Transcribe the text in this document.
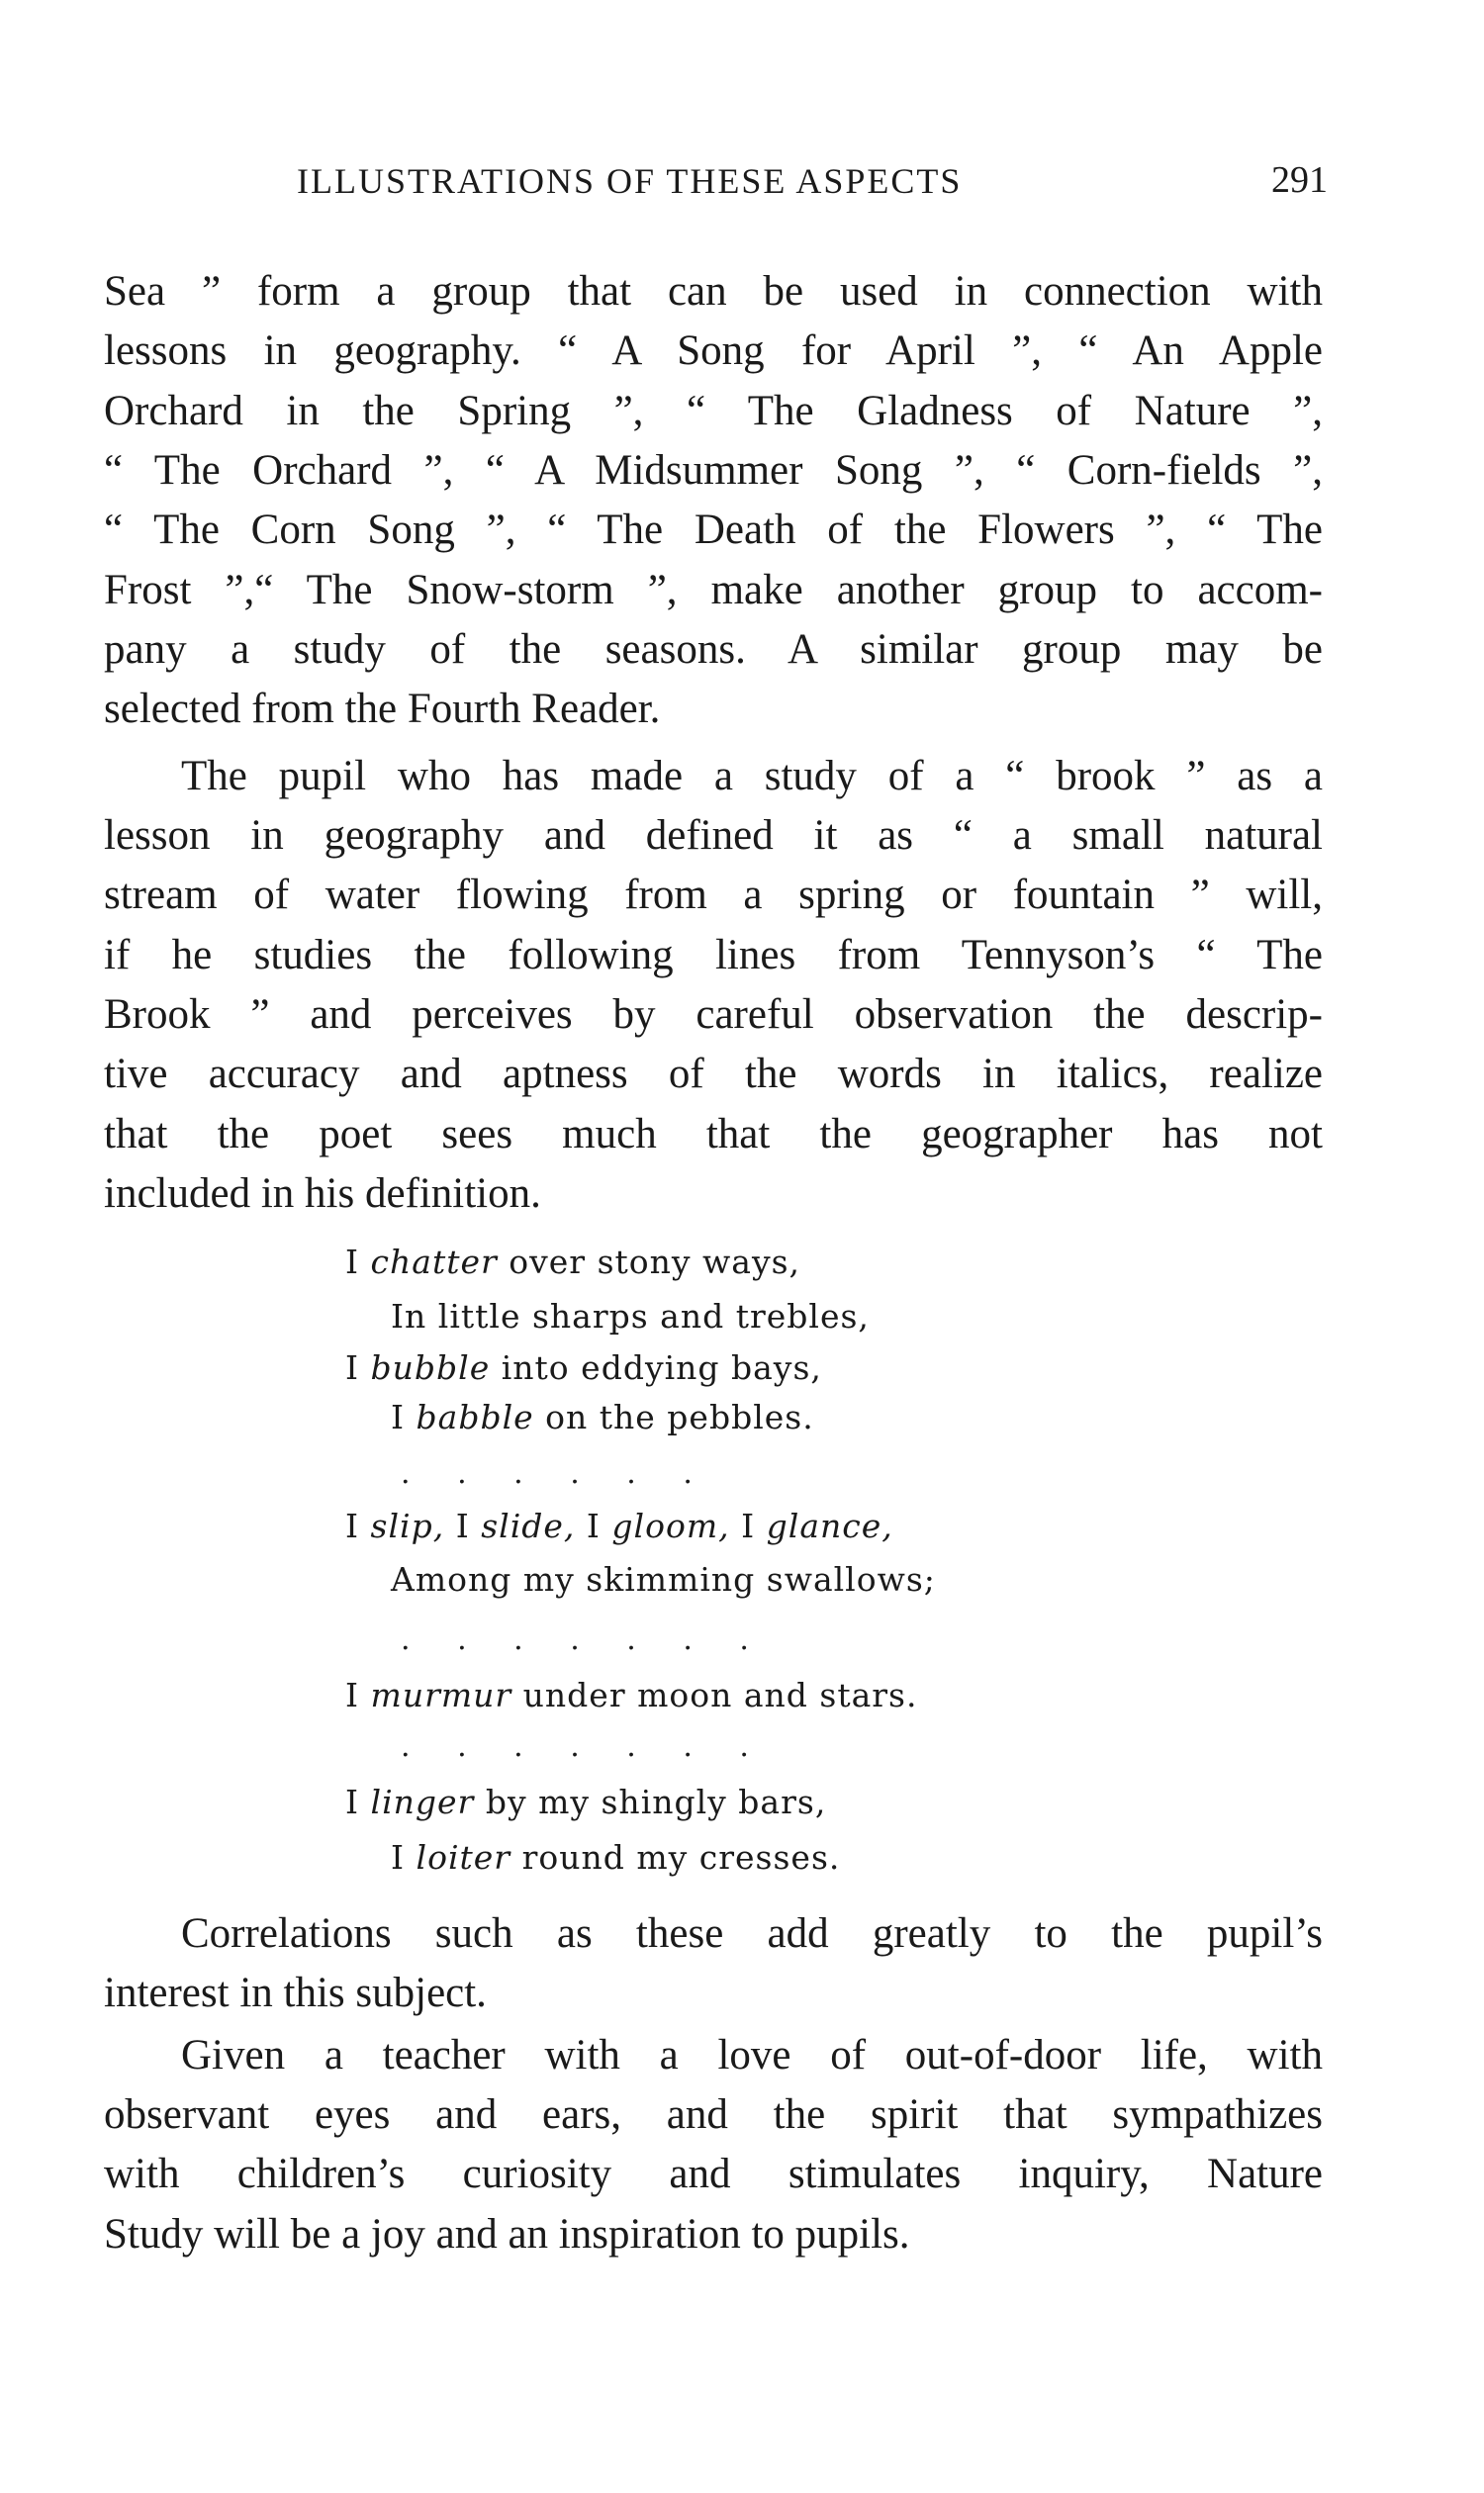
ILLUSTRATIONS OF THESE ASPECTS	291
Sea ” form a group that can be used in connection with
lessons in geography. “ A Song for April ”, “ An Apple
Orchard in the Spring ”, “ The Gladness of Nature ”,
“ The Orchard ”, “ A Midsummer Song ”, “ Corn-fields ”,
“ The Corn Song ”, “ The Death of the Flowers ”, “ The
Frost ”,“ The Snow-storm ”, make another group to accom-
pany a study of the seasons. A similar group may be
selected from the Fourth Reader.
The pupil who has made a study of a “ brook ” as a
lesson in geography and defined it as “ a small natural
stream of water flowing from a spring or fountain ” will,
if he studies the following lines from Tennyson’s “ The
Brook ” and perceives by careful observation the descrip-
tive accuracy and aptness of the words in italics, realize
that the poet sees much that the geographer has not
included in his definition.
Correlations such as these add greatly to the pupil’s
interest in this subject.
Given a teacher with a love of out-of-door life, with
observant eyes and ears, and the spirit that sympathizes
with children’s curiosity and stimulates inquiry, Nature
Study will be a joy and an inspiration to pupils.
I chatter over stony ways,
In little sharps and trebles,
I bubble into eddying bays,
I babble on the pebbles.
. . . . . .
I slip, I slide, I gloom, I glance,
Among my skimming swallows;
. . . . . . .
I murmur under moon and stars.
. . . . . . .
I linger by my shingly bars,
I loiter round my cresses.
